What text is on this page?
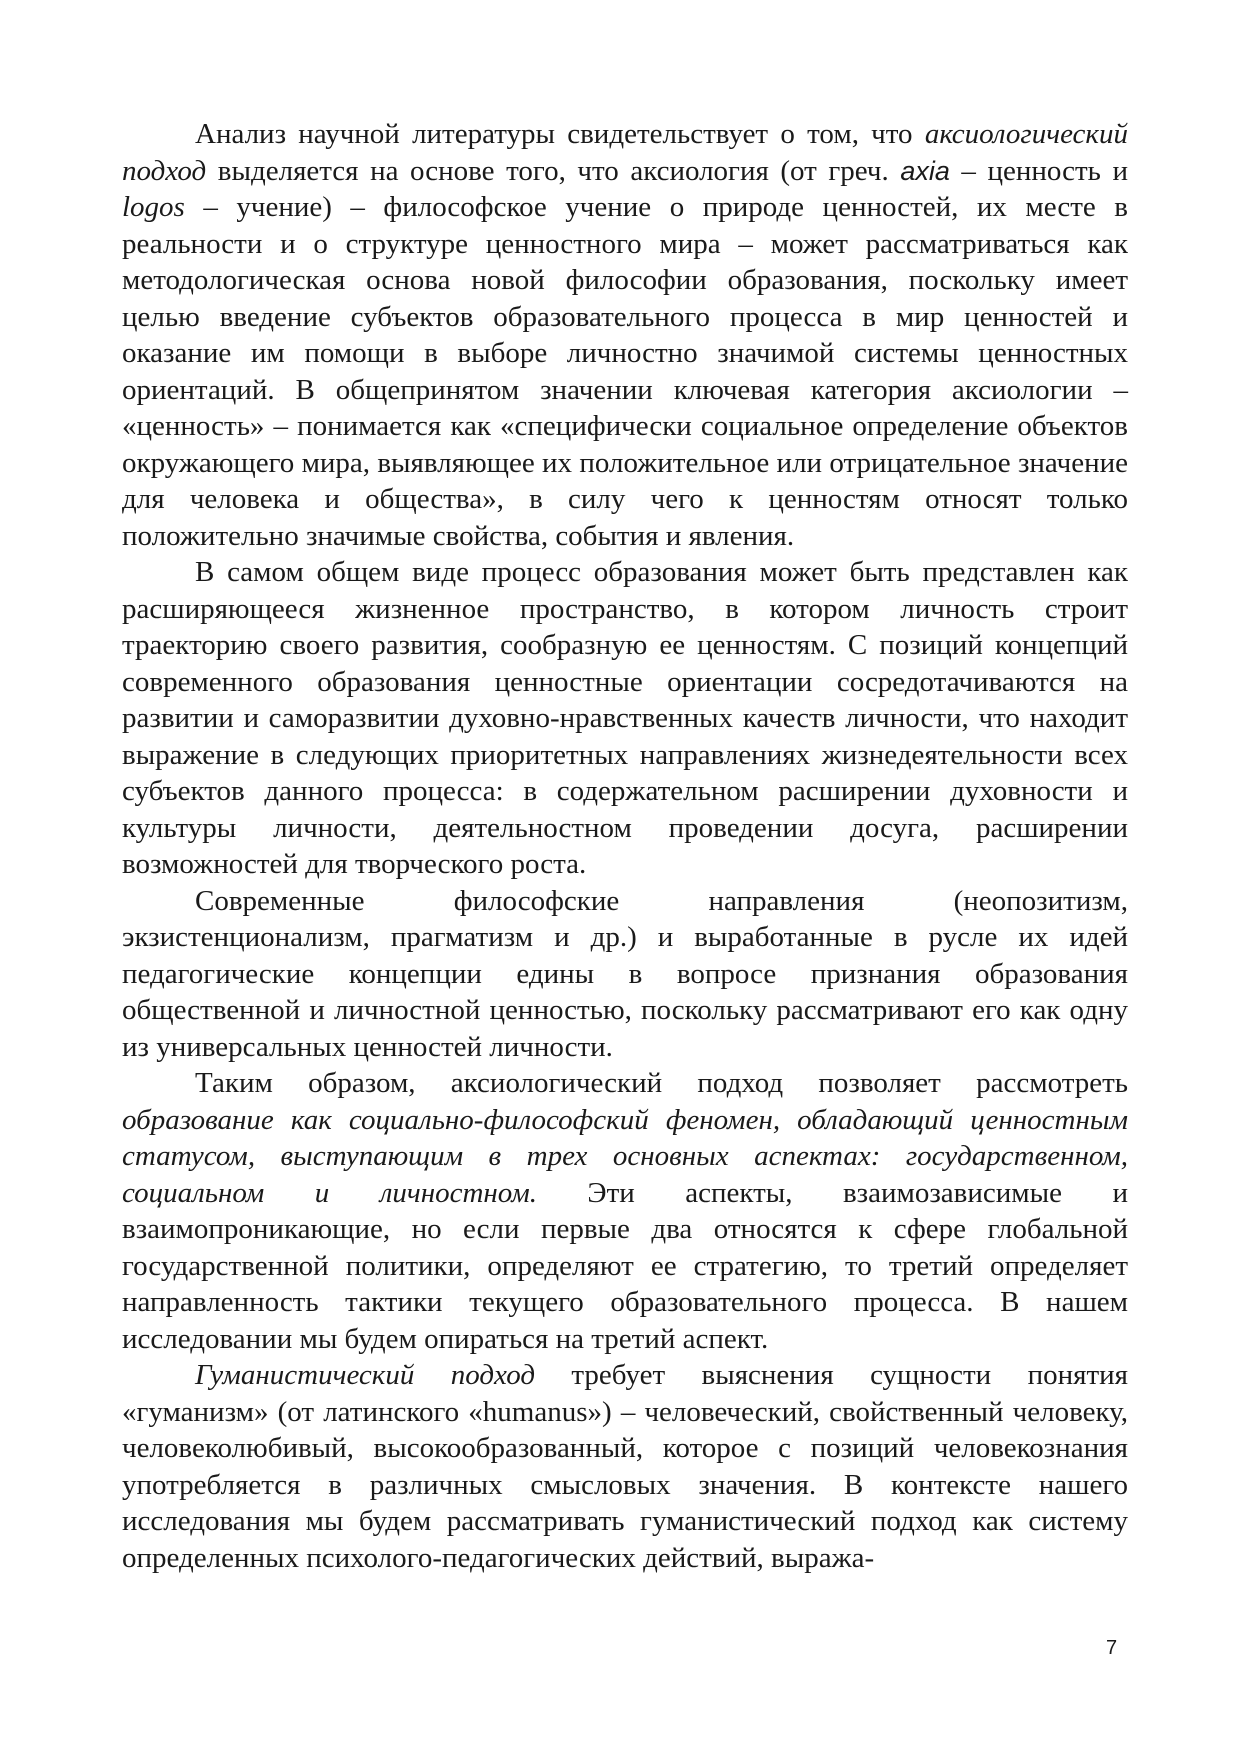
Анализ научной литературы свидетельствует о том, что аксиологический подход выделяется на основе того, что аксиология (от греч. axia – ценность и logos – учение) – философское учение о природе ценностей, их месте в реальности и о структуре ценностного мира – может рассматриваться как методологическая основа новой философии образования, поскольку имеет целью введение субъектов образовательного процесса в мир ценностей и оказание им помощи в выборе личностно значимой системы ценностных ориентаций. В общепринятом значении ключевая категория аксиологии – «ценность» – понимается как «специфически социальное определение объектов окружающего мира, выявляющее их положительное или отрицательное значение для человека и общества», в силу чего к ценностям относят только положительно значимые свойства, события и явления.

В самом общем виде процесс образования может быть представлен как расширяющееся жизненное пространство, в котором личность строит траекторию своего развития, сообразную ее ценностям. С позиций концепций современного образования ценностные ориентации сосредотачиваются на развитии и саморазвитии духовно-нравственных качеств личности, что находит выражение в следующих приоритетных направлениях жизнедеятельности всех субъектов данного процесса: в содержательном расширении духовности и культуры личности, деятельностном проведении досуга, расширении возможностей для творческого роста.

Современные философские направления (неопозитизм, экзистенционализм, прагматизм и др.) и выработанные в русле их идей педагогические концепции едины в вопросе признания образования общественной и личностной ценностью, поскольку рассматривают его как одну из универсальных ценностей личности.

Таким образом, аксиологический подход позволяет рассмотреть образование как социально-философский феномен, обладающий ценностным статусом, выступающим в трех основных аспектах: государственном, социальном и личностном. Эти аспекты, взаимозависимые и взаимопроникающие, но если первые два относятся к сфере глобальной государственной политики, определяют ее стратегию, то третий определяет направленность тактики текущего образовательного процесса. В нашем исследовании мы будем опираться на третий аспект.

Гуманистический подход требует выяснения сущности понятия «гуманизм» (от латинского «humanus») – человеческий, свойственный человеку, человеколюбивый, высокообразованный, которое с позиций человекознания употребляется в различных смысловых значения. В контексте нашего исследования мы будем рассматривать гуманистический подход как систему определенных психолого-педагогических действий, выража-

7
